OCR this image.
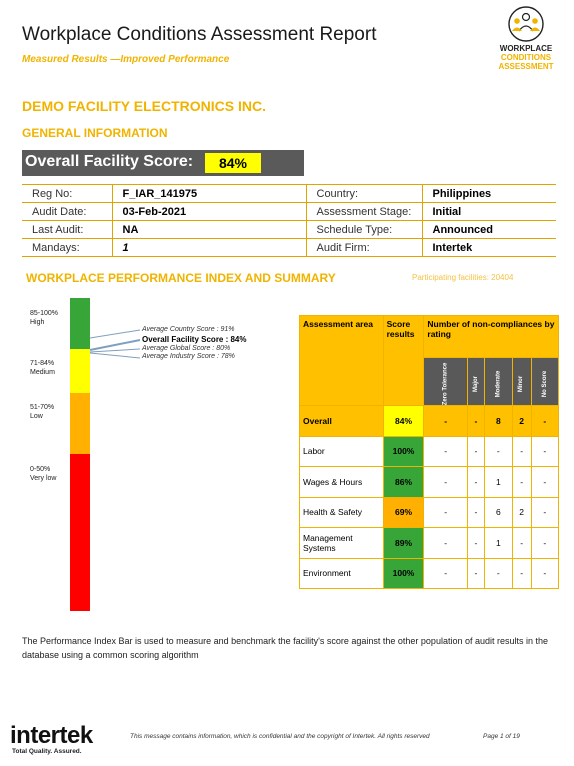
Workplace Conditions Assessment Report
Measured Results —Improved Performance
WORKPLACE
CONDITIONS
ASSESSMENT
DEMO FACILITY ELECTRONICS INC.
GENERAL INFORMATION
Overall Facility Score:	84%
Reg No:	F_IAR_141975	Country:	Philippines
Audit Date:	03-Feb-2021	Assessment Stage:	Initial
Last Audit:	NA	Schedule Type:	Announced
Mandays:	1	Audit Firm:	Intertek
WORKPLACE PERFORMANCE INDEX AND SUMMARY	Participating facilities: 20404
85-100%
High
71-84%
Medium
51-70%
Low
0-50%
Very low
Average Country Score : 91%
Overall Facility Score : 84%
Average Global Score : 80%
Average Industry Score : 78%
Assessment area	Score results	Number of non-compliances by rating				
		Zero Tolerance	Major	Moderate	Minor	No Score
Overall	84%	-	-	8	2	-
Labor	100%	-	-	-	-	-
Wages & Hours	86%	-	-	1	-	-
Health & Safety	69%	-	-	6	2	-
Management Systems	89%	-	-	1	-	-
Environment	100%	-	-	-	-	-
The Performance Index Bar is used to measure and benchmark the facility's score against the other population of audit results in the database using a common scoring algorithm
intertek
Total Quality. Assured.
This message contains information, which is confidential and the copyright of Intertek. All rights reserved	Page 1 of 19
